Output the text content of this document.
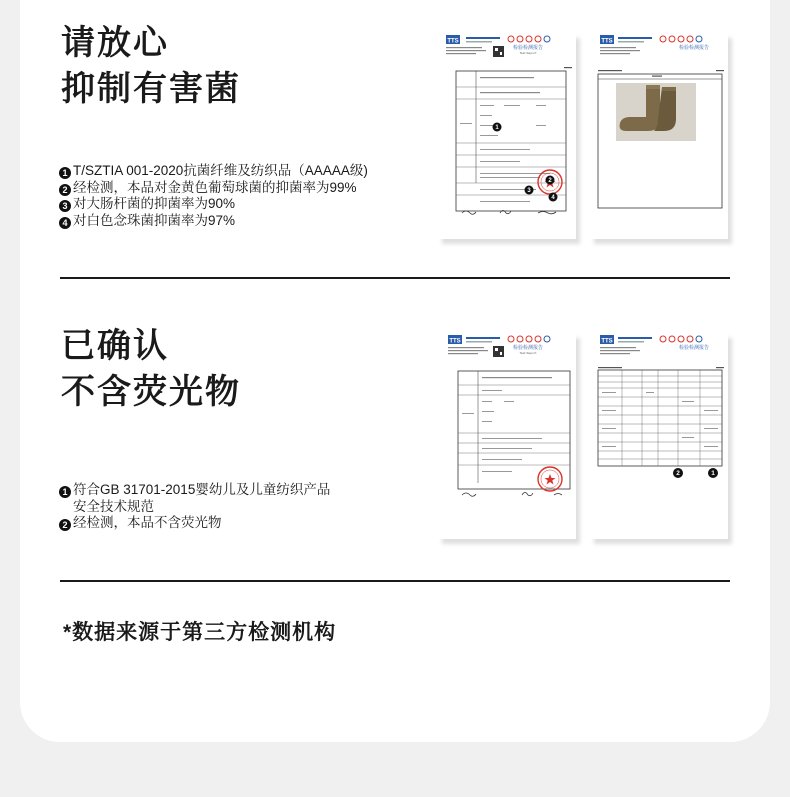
请放心
抑制有害菌
1 T/SZTIA 001-2020抗菌纤维及纺织品（AAAAA级)
2 经检测，本品对金黄色葡萄球菌的抑菌率为99%
3 对大肠杆菌的抑菌率为90%
4 对白色念珠菌抑菌率为97%
TTS
检验检测报告
Test Report
1
2
3
4
TTS
检验检测报告
已确认
不含荧光物
1 符合GB 31701-2015婴幼儿及儿童纺织产品
安全技术规范
2 经检测，本品不含荧光物
TTS
检验检测报告
Test Report
TTS
检验检测报告
2	1
*数据来源于第三方检测机构
